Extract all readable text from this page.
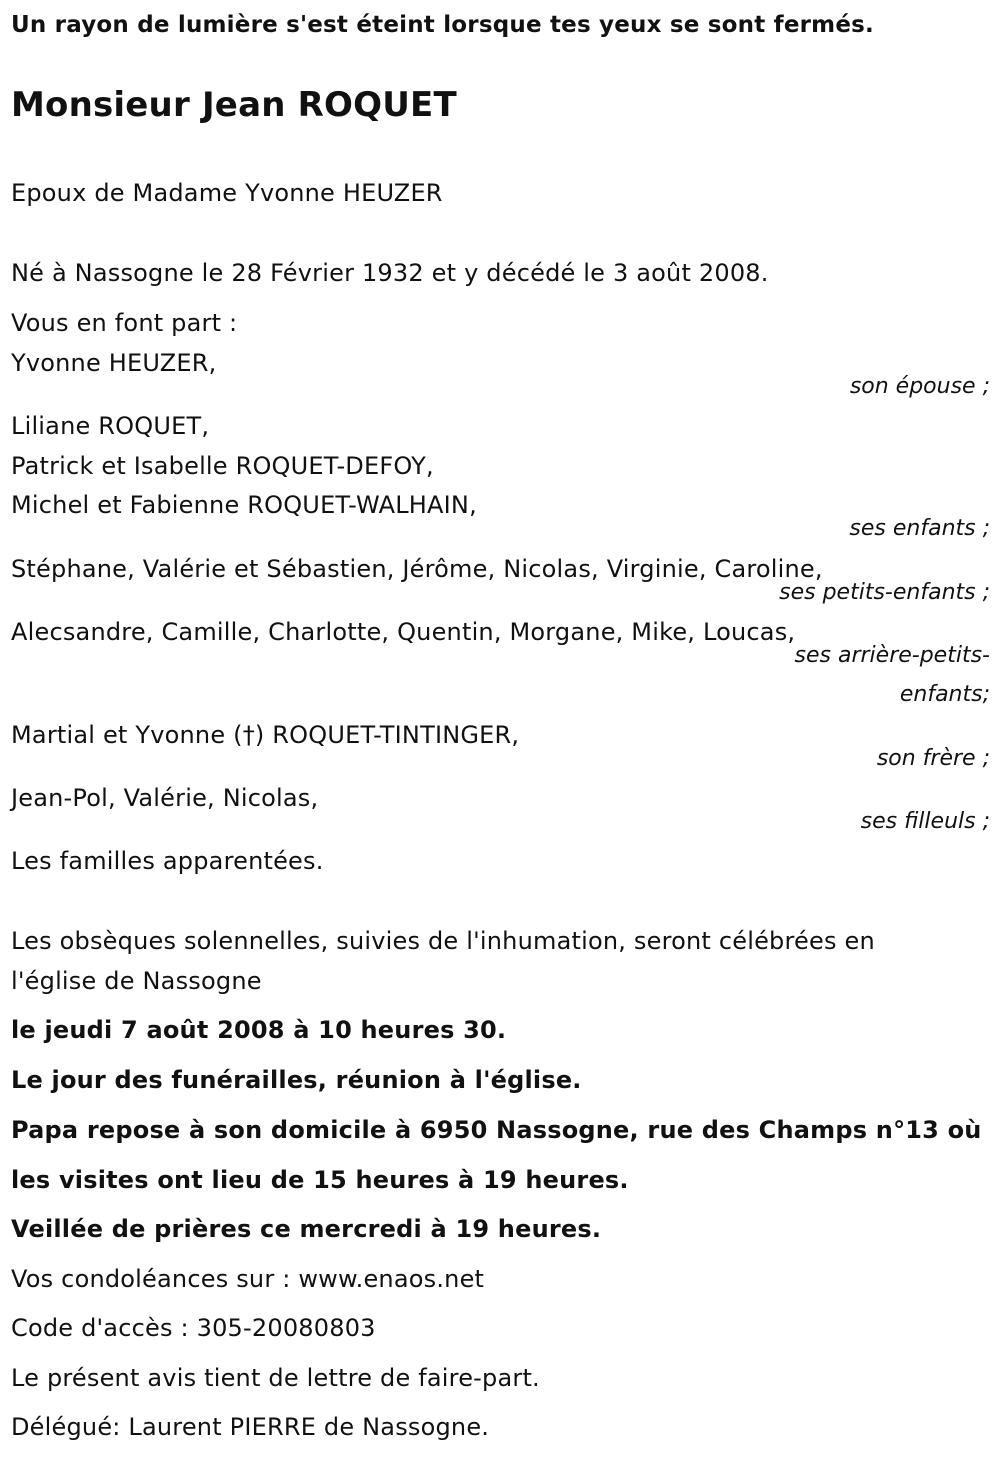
Un rayon de lumière s'est éteint lorsque tes yeux se sont fermés.
Monsieur Jean ROQUET
Epoux de Madame Yvonne HEUZER
Né à Nassogne le 28 Février 1932 et y décédé le 3 août 2008.
Vous en font part :
Yvonne HEUZER,
son épouse ;
Liliane ROQUET,
Patrick et Isabelle ROQUET-DEFOY,
Michel et Fabienne ROQUET-WALHAIN,
ses enfants ;
Stéphane, Valérie et Sébastien, Jérôme, Nicolas, Virginie, Caroline,
ses petits-enfants ;
Alecsandre, Camille, Charlotte, Quentin, Morgane, Mike, Loucas,
ses arrière-petits-
enfants;
Martial et Yvonne (†) ROQUET-TINTINGER,
son frère ;
Jean-Pol, Valérie, Nicolas,
ses filleuls ;
Les familles apparentées.
Les obsèques solennelles, suivies de l'inhumation, seront célébrées en
l'église de Nassogne
le jeudi 7 août 2008 à 10 heures 30.
Le jour des funérailles, réunion à l'église.
Papa repose à son domicile à 6950 Nassogne, rue des Champs n°13 où
les visites ont lieu de 15 heures à 19 heures.
Veillée de prières ce mercredi à 19 heures.
Vos condoléances sur : www.enaos.net
Code d'accès : 305-20080803
Le présent avis tient de lettre de faire-part.
Délégué: Laurent PIERRE de Nassogne.
